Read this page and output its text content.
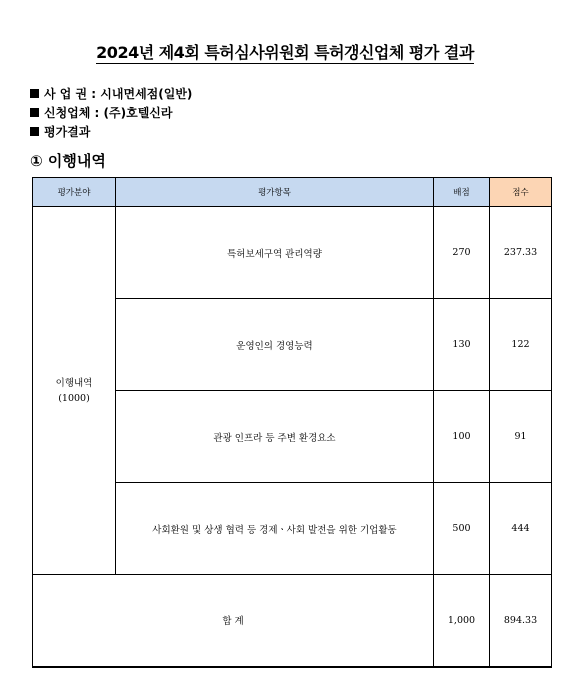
2024년 제4회 특허심사위원회 특허갱신업체 평가 결과
사 업 권 : 시내면세점(일반)
신청업체 : (주)호텔신라
평가결과
① 이행내역
평가분야	평가항목	배점	점수

이행내역
(1000)	특허보세구역 관리역량	270	237.33
	운영인의 경영능력	130	122
	관광 인프라 등 주변 환경요소	100	91
	사회환원 및 상생 협력 등 경제ㆍ사회 발전을 위한 기업활동	500	444
합 계		1,000	894.33
